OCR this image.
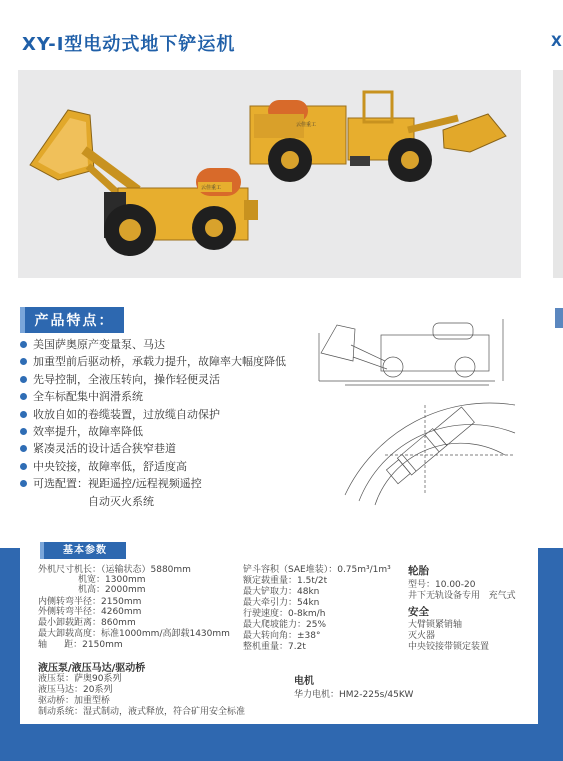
XY-Ⅰ型电动式地下铲运机	X
云佳重工
云佳重工
产品特点：
美国萨奥原产变量泵、马达
加重型前后驱动桥，承载力提升，故障率大幅度降低
先导控制，全液压转向，操作轻便灵活
全车标配集中润滑系统
收放自如的卷缆装置，过放缆自动保护
效率提升，故障率降低
紧凑灵活的设计适合狭窄巷道
中央铰接，故障率低，舒适度高
可选配置：视距遥控/远程视频遥控
自动灭火系统
基本参数
外机尺寸机长：（运输状态）5880mm
机宽：1300mm
机高：2000mm
内侧转弯半径：2150mm
外侧转弯半径：4260mm
最小卸载距离：860mm
最大卸载高度：标准1000mm/高卸载1430mm
轴      距：2150mm
铲斗容积（SAE堆装）：0.75m³/1m³
额定载重量：1.5t/2t
最大铲取力：48kn
最大牵引力：54kn
行驶速度：0-8km/h
最大爬坡能力：25%
最大转向角：±38°
整机重量：7.2t
轮胎
型号：10.00-20
井下无轨设备专用   充气式
安全
大臂锁紧销轴
灭火器
中央铰接带锁定装置
液压泵/液压马达/驱动桥
液压泵：萨奥90系列
液压马达：20系列
驱动桥：加重型桥
制动系统：湿式制动，液式释放，符合矿用安全标准
电机
华力电机：HM2-225s/45KW
